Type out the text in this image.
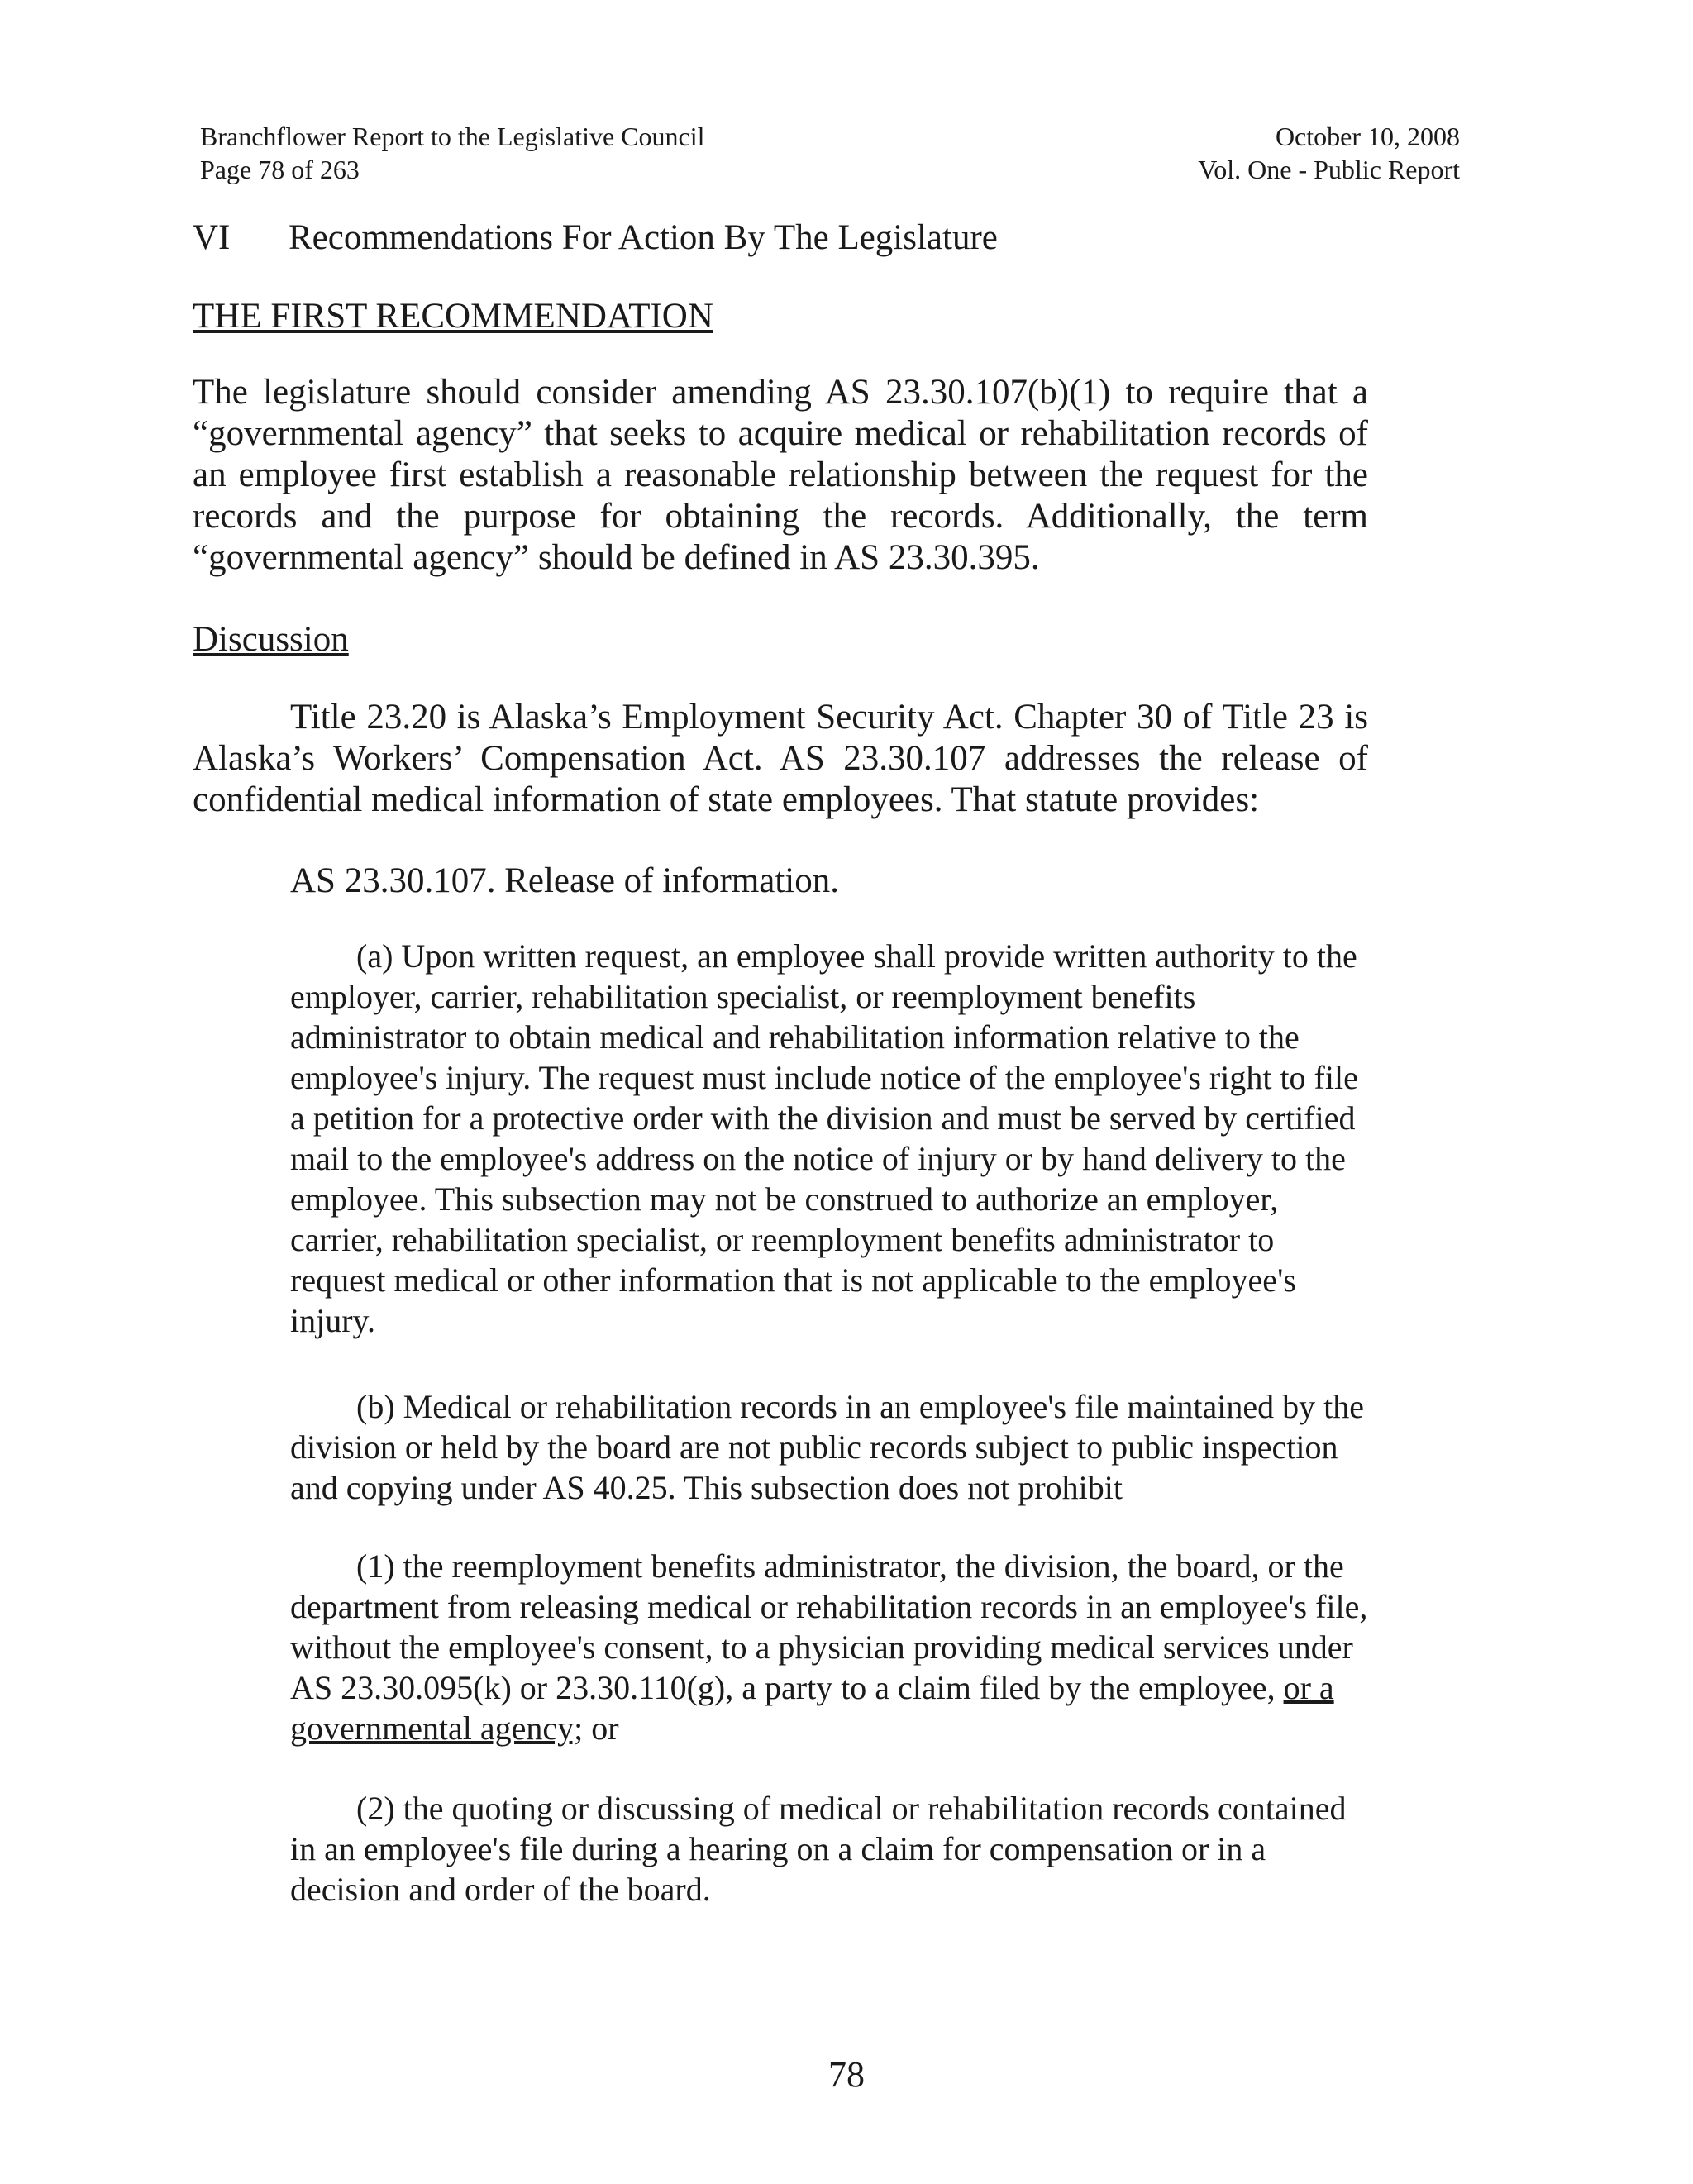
Branchflower Report to the Legislative Council
Page 78 of 263
October 10, 2008
Vol. One - Public Report
VI	Recommendations For Action By The Legislature
THE FIRST RECOMMENDATION
The legislature should consider amending AS 23.30.107(b)(1) to require that a “governmental agency” that seeks to acquire medical or rehabilitation records of an employee first establish a reasonable relationship between the request for the records and the purpose for obtaining the records. Additionally, the term “governmental agency” should be defined in AS 23.30.395.
Discussion
Title 23.20 is Alaska’s Employment Security Act. Chapter 30 of Title 23 is Alaska’s Workers’ Compensation Act. AS 23.30.107 addresses the release of confidential medical information of state employees. That statute provides:
AS 23.30.107. Release of information.
(a) Upon written request, an employee shall provide written authority to the employer, carrier, rehabilitation specialist, or reemployment benefits administrator to obtain medical and rehabilitation information relative to the employee's injury. The request must include notice of the employee's right to file a petition for a protective order with the division and must be served by certified mail to the employee's address on the notice of injury or by hand delivery to the employee. This subsection may not be construed to authorize an employer, carrier, rehabilitation specialist, or reemployment benefits administrator to request medical or other information that is not applicable to the employee's injury.
(b) Medical or rehabilitation records in an employee's file maintained by the division or held by the board are not public records subject to public inspection and copying under AS 40.25. This subsection does not prohibit
(1) the reemployment benefits administrator, the division, the board, or the department from releasing medical or rehabilitation records in an employee's file, without the employee's consent, to a physician providing medical services under AS 23.30.095(k) or 23.30.110(g), a party to a claim filed by the employee, or a governmental agency; or
(2) the quoting or discussing of medical or rehabilitation records contained in an employee's file during a hearing on a claim for compensation or in a decision and order of the board.
78
